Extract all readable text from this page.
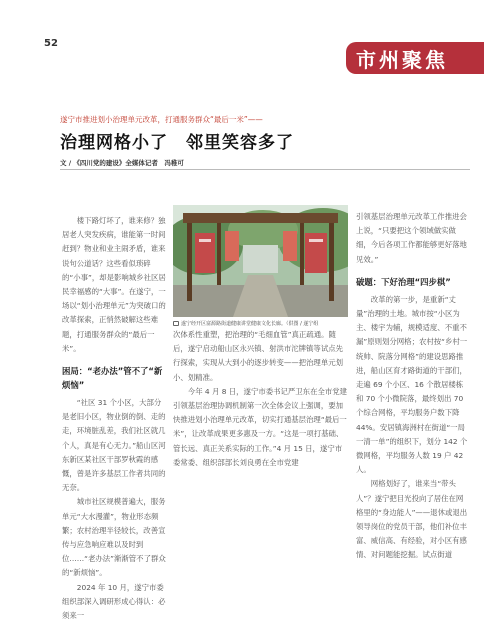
52
市州聚焦
遂宁市推进划小治理单元改革，打通服务群众“最后一米”——
治理网格小了　邻里笑容多了
文 / 《四川党的建设》全媒体记者　冯稚可

楼下路灯坏了，谁来修？独居老人突发疾病，谁能第一时间赶到？物业和业主闹矛盾，谁来说句公道话？这些看似琐碎的“小事”，却是影响城乡社区居民幸福感的“大事”。在遂宁，一场以“划小治理单元”为突破口的改革探索，正悄然破解这些难题，打通服务群众的“最后一米”。

困局：“老办法”管不了“新烦恼”

“社区 31 个小区，大部分是老旧小区，物业倒的倒、走的走，环境脏乱差，我们社区就几个人，真是有心无力。”船山区河东新区某社区干部罗秋霞的感慨，曾是许多基层工作者共同的无奈。

城市社区规模普遍大，服务单元“大水漫灌”，物业形态频繁；农村治理半径较长，改善宣传与应急响应难以及时到位……“老办法”渐渐管不了群众的“新烦恼”。

2024 年 10 月，遂宁市委组织部深入调研形成心得认：必须来一

遂宁经开区富源路街道健康讲堂健康文化长廊。（供图 / 遂宁组

次体系性重塑，把治理的“毛细血管”真正疏通。随后，遂宁启动船山区永兴镇、射洪市沱牌镇等试点先行探索，实现从大到小的逐步转变——把治理单元划小、划精准。

今年 4 月 8 日，遂宁市委书记严卫东在全市党建引领基层治理协调机制第一次全体会议上强调，要加快推进划小治理单元改革，切实打通基层治理“最后一米”，让改革成果更多惠及一方。“这是一项打基础、管长远、真正关系实际的工作。”4 月 15 日，遂宁市委常委、组织部部长刘良勇在全市党建

引领基层治理单元改革工作推进会上说，“只要把这个领域做实做细，今后各项工作都能够更好落地见效。”

破题：下好治理“四步棋”

改革的第一步，是重新“丈量”治理的土地。城市按“小区为主、楼宇为辅，规模适度、不重不漏”原则划分网格；农村按“乡村一统帅、院落分网格”的建设思路推进，船山区育才路街道的干部们，走遍 69 个小区、16 个散居楼栋和 70 个小微院落，最终划出 70 个综合网格，平均服务户数下降 44%。安居镇海洲村在街道“一局一清一单”的组织下，划分 142 个微网格，平均服务人数 19 户 42 人。

网格划好了，谁来当“带头人”？遂宁把目光投向了居住在网格里的“身边能人”——退休或退出领导岗位的党员干部，他们补位丰富、威信高、有经验，对小区有感情、对问题能挖掘。试点街道
